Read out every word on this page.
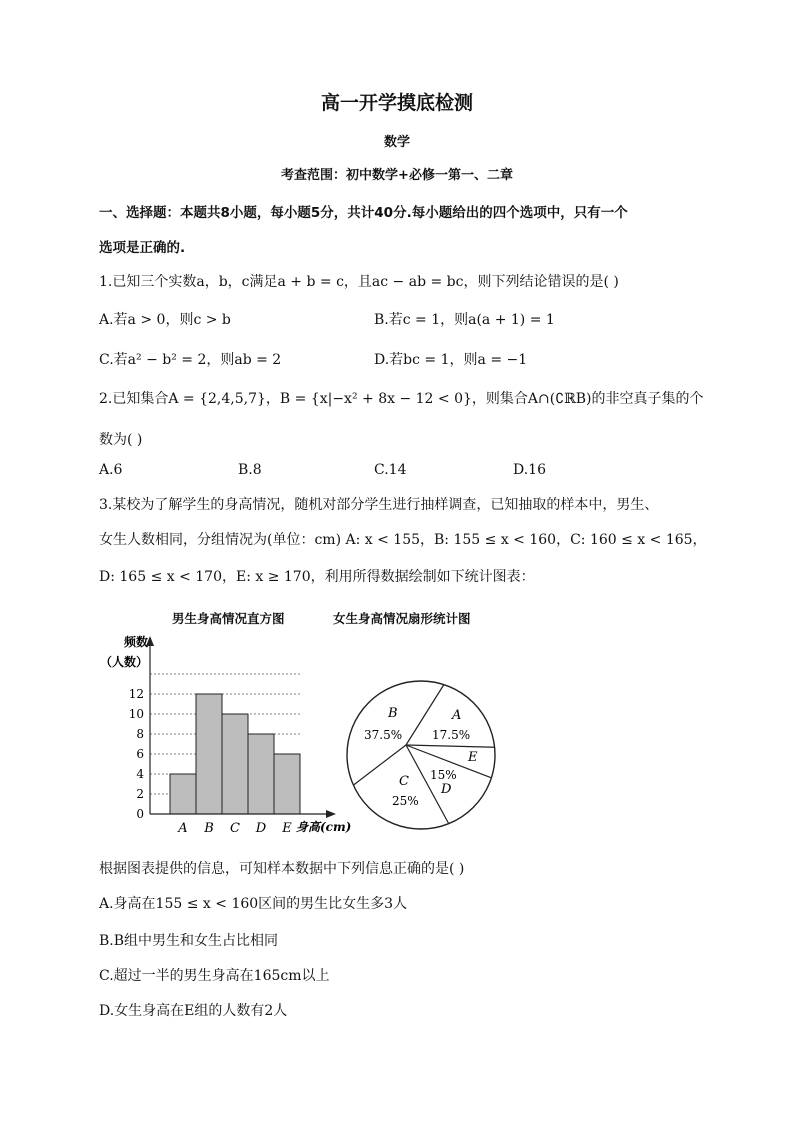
高一开学摸底检测
数学
考查范围：初中数学+必修一第一、二章
一、选择题：本题共8小题，每小题5分，共计40分.每小题给出的四个选项中，只有一个
选项是正确的.
1.已知三个实数a，b，c满足a + b = c，且ac − ab = bc，则下列结论错误的是( )
A.若a > 0，则c > b	B.若c = 1，则a(a + 1) = 1
C.若a² − b² = 2，则ab = 2	D.若bc = 1，则a = −1
2.已知集合A = {2,4,5,7}，B = {x|−x² + 8x − 12 < 0}，则集合A∩(∁ℝB)的非空真子集的个
数为( )
A.6	B.8	C.14	D.16
3.某校为了解学生的身高情况，随机对部分学生进行抽样调查，已知抽取的样本中，男生、
女生人数相同，分组情况为(单位：cm) A: x < 155，B: 155 ≤ x < 160，C: 160 ≤ x < 165，
D: 165 ≤ x < 170，E: x ≥ 170，利用所得数据绘制如下统计图表：
男生身高情况直方图	女生身高情况扇形统计图
0
2
4
6
8
10
12
A B C D E
频数
（人数）
身高(cm)
A
17.5%
E
D
15%
C
25%
B
37.5%
根据图表提供的信息，可知样本数据中下列信息正确的是( )
A.身高在155 ≤ x < 160区间的男生比女生多3人
B.B组中男生和女生占比相同
C.超过一半的男生身高在165cm以上
D.女生身高在E组的人数有2人
